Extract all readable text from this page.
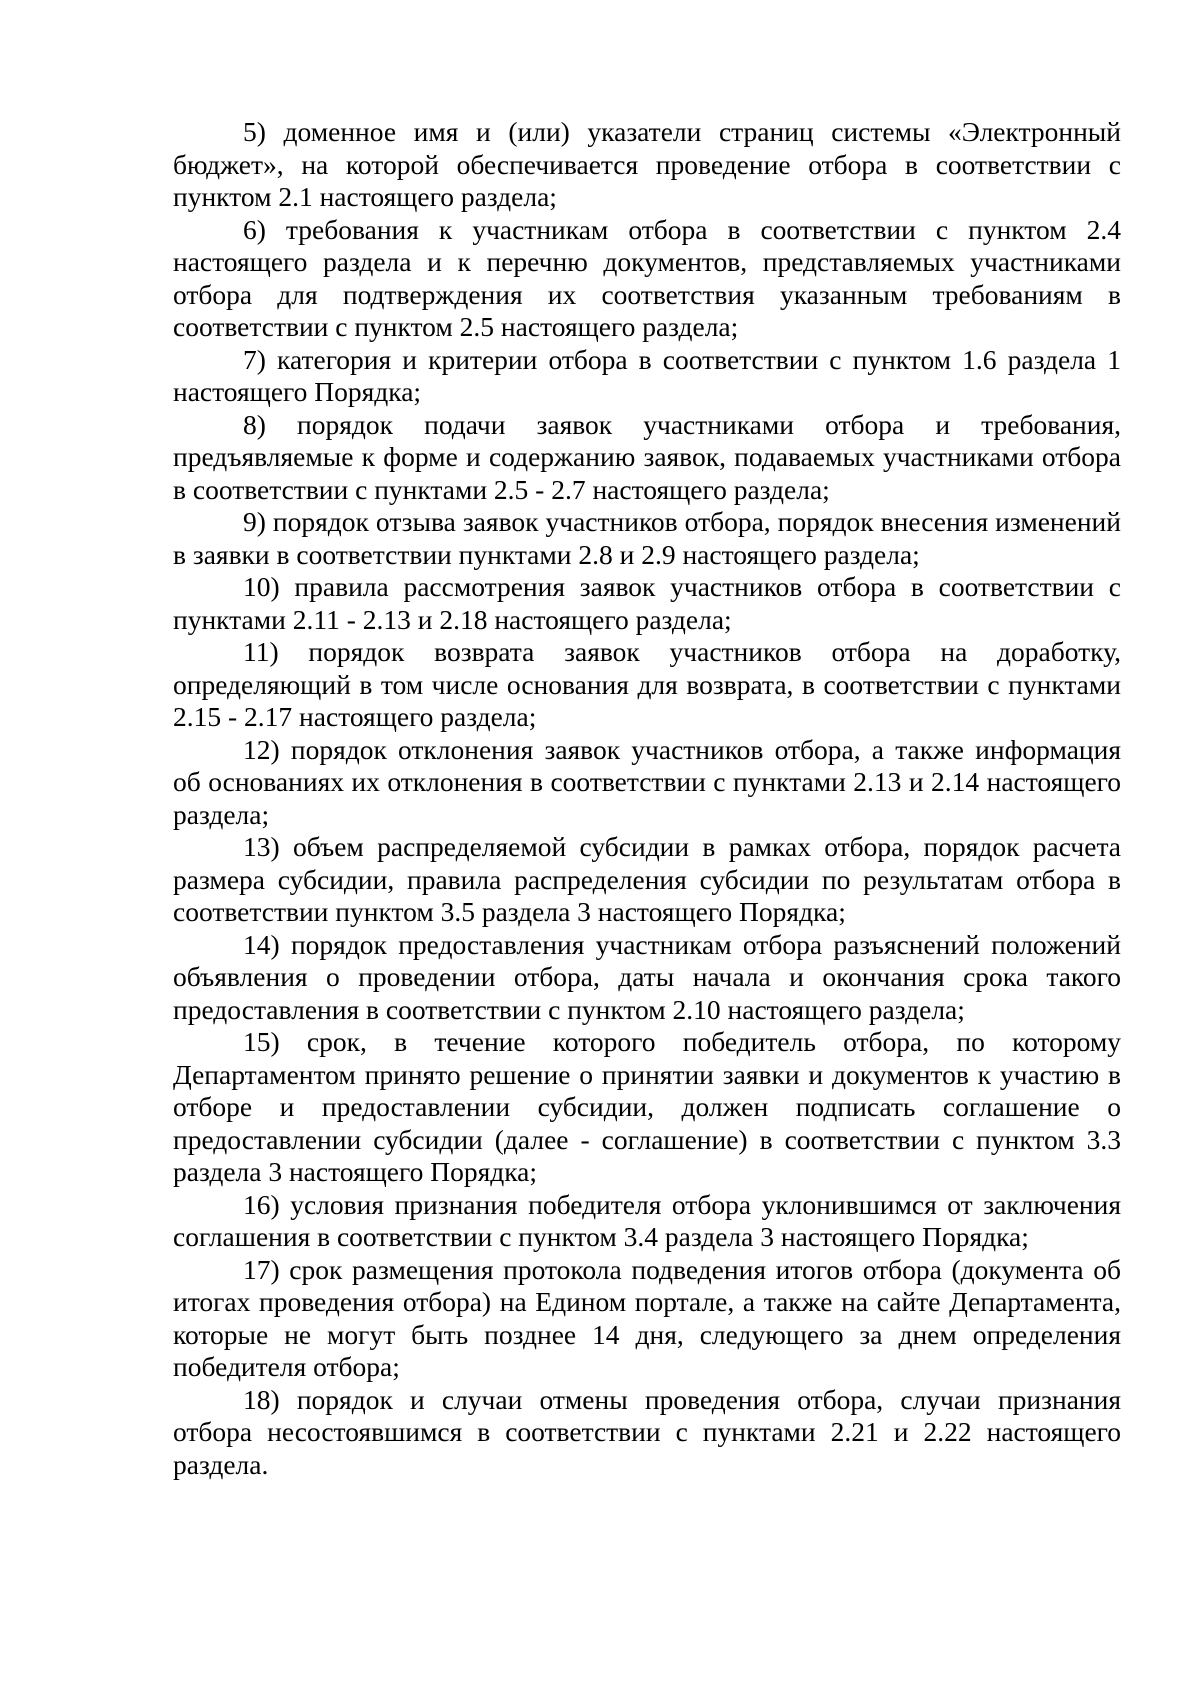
5) доменное имя и (или) указатели страниц системы «Электронный бюджет», на которой обеспечивается проведение отбора в соответствии с пунктом 2.1 настоящего раздела;

6) требования к участникам отбора в соответствии с пунктом 2.4 настоящего раздела и к перечню документов, представляемых участниками отбора для подтверждения их соответствия указанным требованиям в соответствии с пунктом 2.5 настоящего раздела;

7) категория и критерии отбора в соответствии с пунктом 1.6 раздела 1 настоящего Порядка;

8) порядок подачи заявок участниками отбора и требования, предъявляемые к форме и содержанию заявок, подаваемых участниками отбора в соответствии с пунктами 2.5 - 2.7 настоящего раздела;

9) порядок отзыва заявок участников отбора, порядок внесения изменений в заявки в соответствии пунктами 2.8 и 2.9 настоящего раздела;

10) правила рассмотрения заявок участников отбора в соответствии с пунктами 2.11 - 2.13 и 2.18 настоящего раздела;

11) порядок возврата заявок участников отбора на доработку, определяющий в том числе основания для возврата, в соответствии с пунктами 2.15 - 2.17 настоящего раздела;

12) порядок отклонения заявок участников отбора, а также информация об основаниях их отклонения в соответствии с пунктами 2.13 и 2.14 настоящего раздела;

13) объем распределяемой субсидии в рамках отбора, порядок расчета размера субсидии, правила распределения субсидии по результатам отбора в соответствии пунктом 3.5 раздела 3 настоящего Порядка;

14) порядок предоставления участникам отбора разъяснений положений объявления о проведении отбора, даты начала и окончания срока такого предоставления в соответствии с пунктом 2.10 настоящего раздела;

15) срок, в течение которого победитель отбора, по которому Департаментом принято решение о принятии заявки и документов к участию в отборе и предоставлении субсидии, должен подписать соглашение о предоставлении субсидии (далее - соглашение) в соответствии с пунктом 3.3 раздела 3 настоящего Порядка;

16) условия признания победителя отбора уклонившимся от заключения соглашения в соответствии с пунктом 3.4 раздела 3 настоящего Порядка;

17) срок размещения протокола подведения итогов отбора (документа об итогах проведения отбора) на Едином портале, а также на сайте Департамента, которые не могут быть позднее 14 дня, следующего за днем определения победителя отбора;

18) порядок и случаи отмены проведения отбора, случаи признания отбора несостоявшимся в соответствии с пунктами 2.21 и 2.22 настоящего раздела.
